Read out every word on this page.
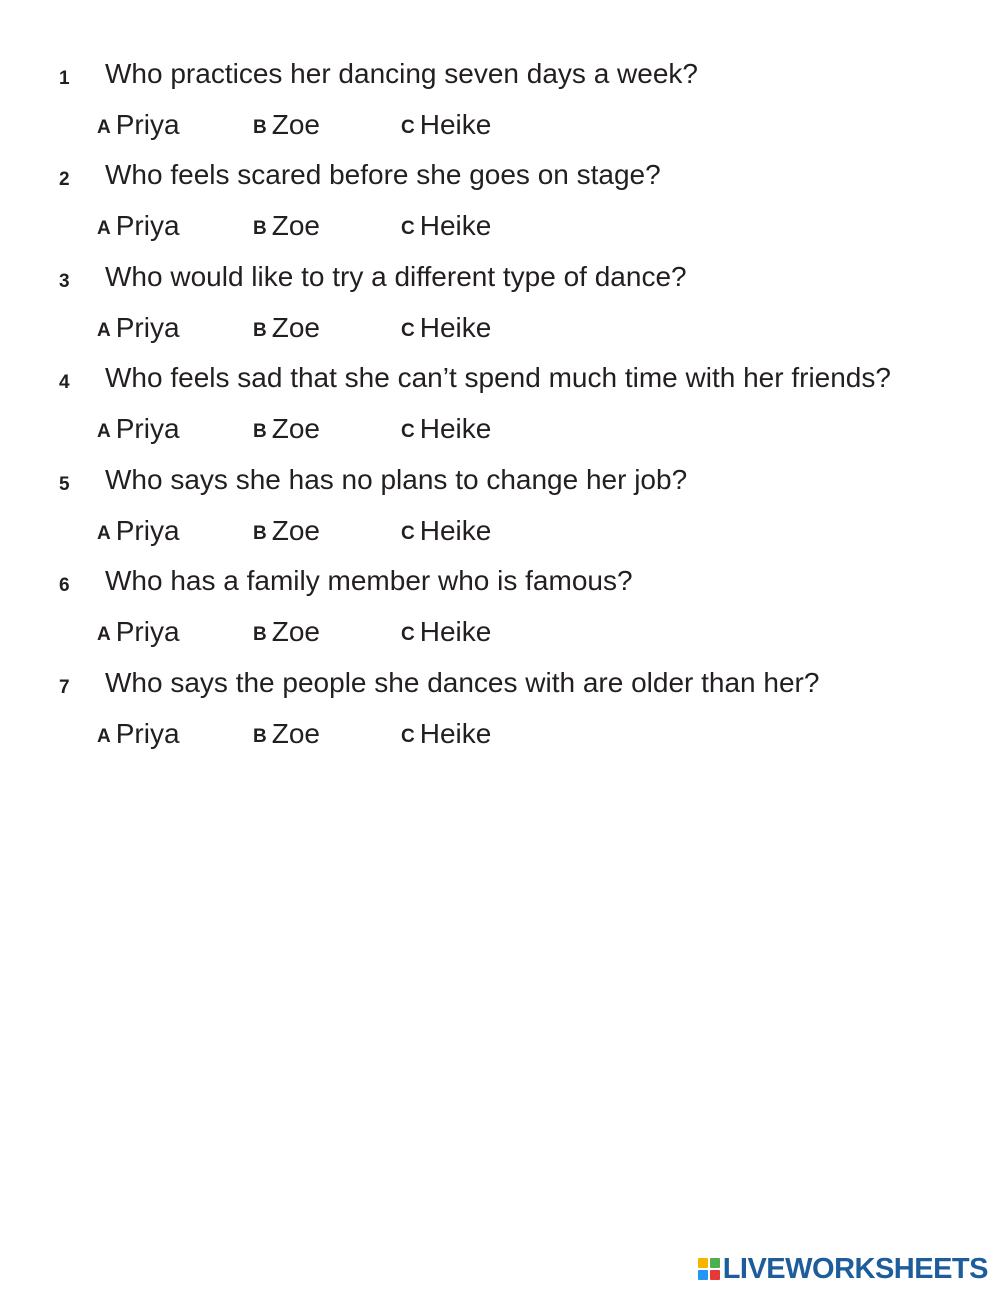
1 Who practices her dancing seven days a week?
A Priya	B Zoe	C Heike
2 Who feels scared before she goes on stage?
A Priya	B Zoe	C Heike
3 Who would like to try a different type of dance?
A Priya	B Zoe	C Heike
4 Who feels sad that she can’t spend much time with her friends?
A Priya	B Zoe	C Heike
5 Who says she has no plans to change her job?
A Priya	B Zoe	C Heike
6 Who has a family member who is famous?
A Priya	B Zoe	C Heike
7 Who says the people she dances with are older than her?
A Priya	B Zoe	C Heike
LIVEWORKSHEETS
